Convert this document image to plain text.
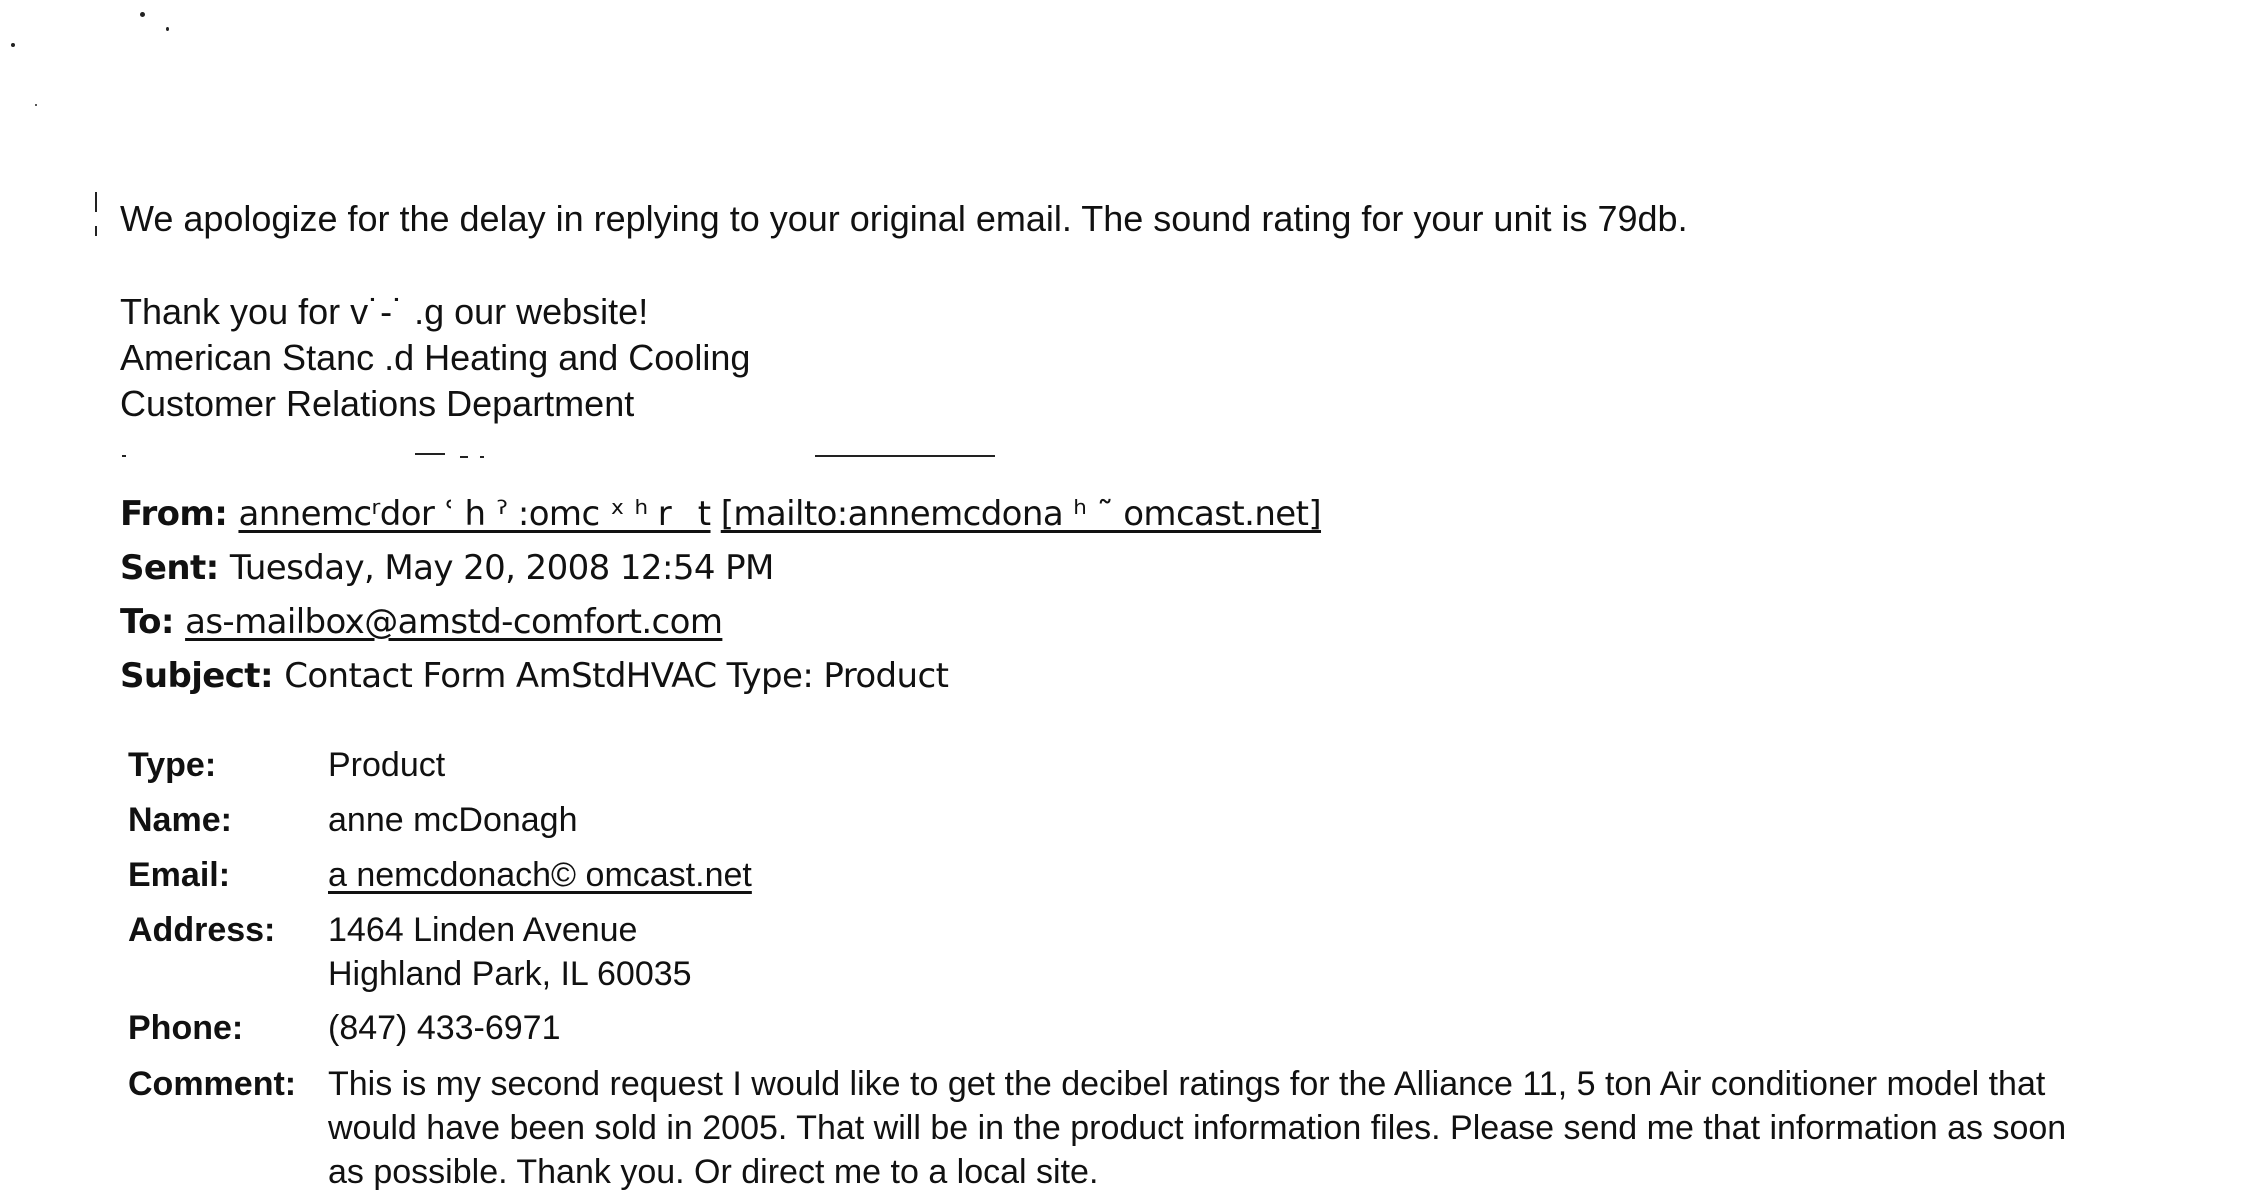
We apologize for the delay in replying to your original email. The sound rating for your unit is 79db.
Thank you for v˙-˙ .g our website!
American Stanc .d Heating and Cooling
Customer Relations Department
From: annemcʳdor ʿ h ˀ :omc ˣ ʰ r _t [mailto:annemcdona ʰ ˜ omcast.net]
Sent: Tuesday, May 20, 2008 12:54 PM
To: as-mailbox@amstd-comfort.com
Subject: Contact Form AmStdHVAC Type: Product
Type:	Product
Name:	anne mcDonagh
Email:	a nemcdonach© omcast.net
Address:	1464 Linden Avenue
Highland Park, IL 60035
Phone:	(847) 433-6971
Comment: This is my second request I would like to get the decibel ratings for the Alliance 11, 5 ton Air conditioner model that
would have been sold in 2005. That will be in the product information files. Please send me that information as soon
as possible. Thank you. Or direct me to a local site.
